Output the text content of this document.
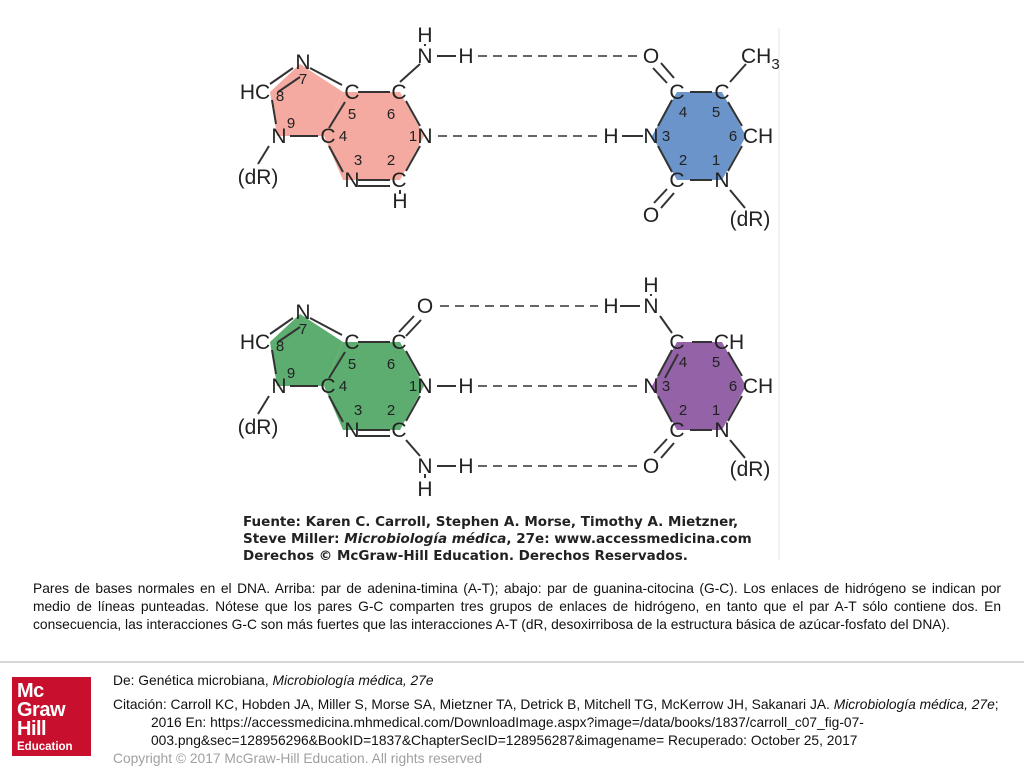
N
HC
N
C
C
C
N
N C
H
(dR)
H
N H
7
8
9
5 6
4	1
3 2
O	$CH_3$
C C
H N	CH
C N
O	(dR)
4 5
3	6
2 1
N
HC
N
C
C
C
O
N H
N C
N H
H
(dR)
7
8
9
5 6
4	1
3 2
H
H N
C CH
N	CH
C N
O	(dR)
4 5
3	6
2 1
Fuente: Karen C. Carroll, Stephen A. Morse, Timothy A. Mietzner,
Steve Miller: Microbiología médica, 27e: www.accessmedicina.com
Derechos © McGraw-Hill Education. Derechos Reservados.

Pares de bases normales en el DNA. Arriba: par de adenina-timina (A-T); abajo: par de guanina-citocina (G-C). Los enlaces de hidrógeno se indican por medio de líneas punteadas. Nótese que los pares G-C comparten tres grupos de enlaces de hidrógeno, en tanto que el par A-T sólo contiene dos. En consecuencia, las interacciones G-C son más fuertes que las interacciones A-T (dR, desoxirribosa de la estructura básica de azúcar-fosfato del DNA).

Mc
Graw
Hill
Education

De: Genética microbiana, Microbiología médica, 27e

Citación: Carroll KC, Hobden JA, Miller S, Morse SA, Mietzner TA, Detrick B, Mitchell TG, McKerrow JH, Sakanari JA. Microbiología médica, 27e; 2016 En: https://accessmedicina.mhmedical.com/DownloadImage.aspx?image=/data/books/1837/carroll_c07_fig-07-003.png&sec=128956296&BookID=1837&ChapterSecID=128956287&imagename= Recuperado: October 25, 2017

Copyright © 2017 McGraw-Hill Education. All rights reserved
